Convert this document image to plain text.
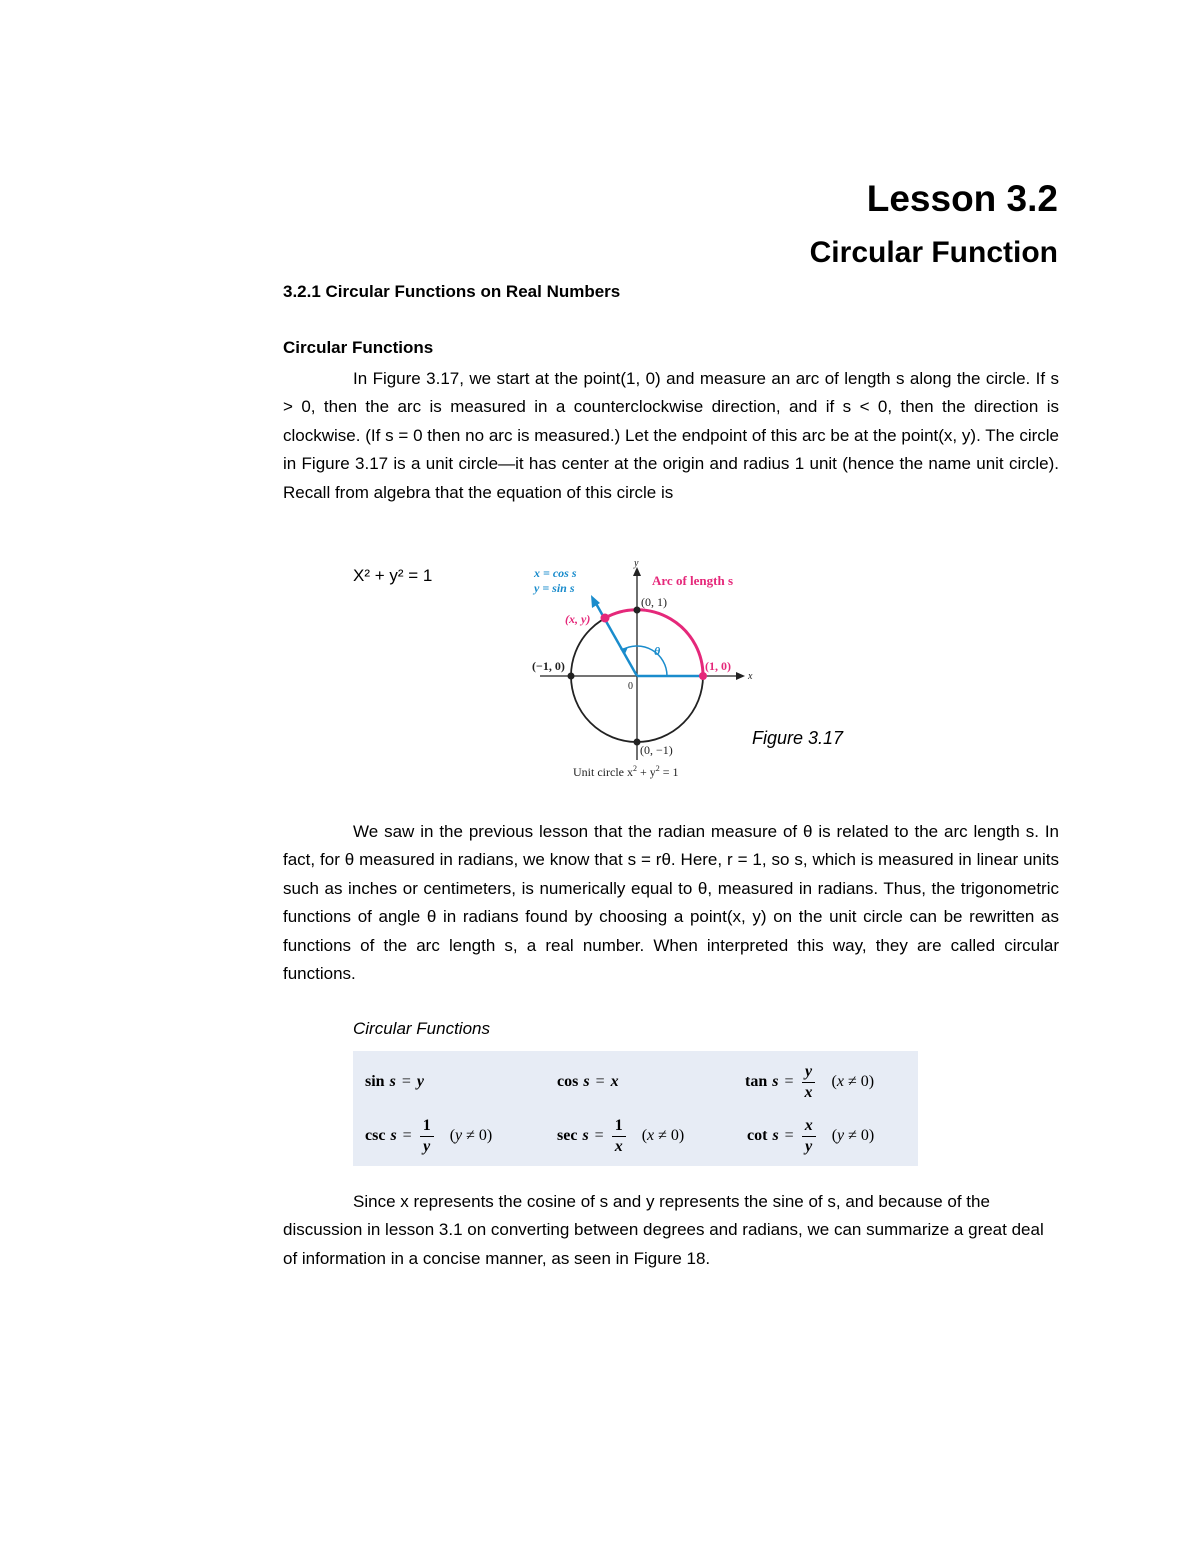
Lesson 3.2
Circular Function
3.2.1 Circular Functions on Real Numbers
Circular Functions

In Figure 3.17, we start at the point(1, 0) and measure an arc of length s along the circle. If s > 0, then the arc is measured in a counterclockwise direction, and if s < 0, then the direction is clockwise. (If s = 0 then no arc is measured.) Let the endpoint of this arc be at the point(x, y). The circle in Figure 3.17 is a unit circle—it has center at the origin and radius 1 unit (hence the name unit circle). Recall from algebra that the equation of this circle is

X² + y² = 1	x = cos s
y = sin s	Arc of length s
y
x
0
θ
(0, 1)
(x, y)
(−1, 0)	(1, 0)
(0, −1)
Unit circle $x^2 + y^2 = 1$

Figure 3.17

We saw in the previous lesson that the radian measure of θ is related to the arc length s. In fact, for θ measured in radians, we know that s = rθ. Here, r = 1, so s, which is measured in linear units such as inches or centimeters, is numerically equal to θ, measured in radians. Thus, the trigonometric functions of angle θ in radians found by choosing a point(x, y) on the unit circle can be rewritten as functions of the arc length s, a real number. When interpreted this way, they are called circular functions.

Circular Functions

sin s = y	cos s = x	$\tan s = \frac{y}{x} (x \ne 0)$
$\csc s = \frac{1}{y} (y \ne 0)$	$\sec s = \frac{1}{x} (x \ne 0)$	$\cot s = \frac{x}{y} (y \ne 0)$

Since x represents the cosine of s and y represents the sine of s, and because of the discussion in lesson 3.1 on converting between degrees and radians, we can summarize a great deal of information in a concise manner, as seen in Figure 18.
